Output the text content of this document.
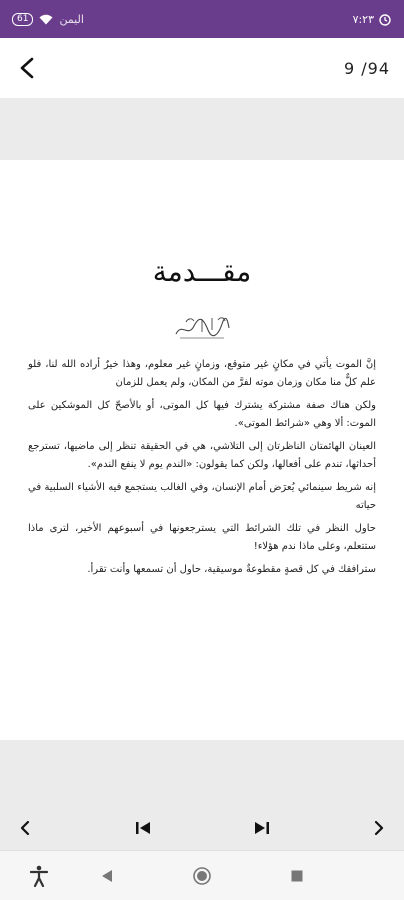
61	اليمن	٧:٢٣
9 /94
مقـــدمة

إنَّ الموت يأتي في مكانٍ غير متوقع، وزمانٍ غير معلوم، وهذا خيرٌ أراده الله لنا، فلو علم كلٌّ منا مكان وزمان موته لفرَّ من المكان، ولم يعمل للزمان

ولكن هناك صفة مشتركة يشترك فيها كل الموتى، أو بالأصحّ كل الموشكين على الموت: ألا وهي «شرائط الموتى».

العينان الهائمتان الناظرتان إلى التلاشي، هي في الحقيقة تنظر إلى ماضيها، تسترجع أحداثها، تندم على أفعالها، ولكن كما يقولون: «الندم يوم لا ينفع الندم».

إنه شريط سينمائي يُعرَض أمام الإنسان، وفي الغالب يستجمع فيه الأشياء السلبية في حياته

حاول النظر في تلك الشرائط التي يسترجعونها في أسبوعهم الأخير، لترى ماذا ستتعلم، وعلى ماذا ندم هؤلاء!

سترافقك في كل قصةٍ مقطوعةٌ موسيقية، حاول أن تسمعها وأنت تقرأ.
